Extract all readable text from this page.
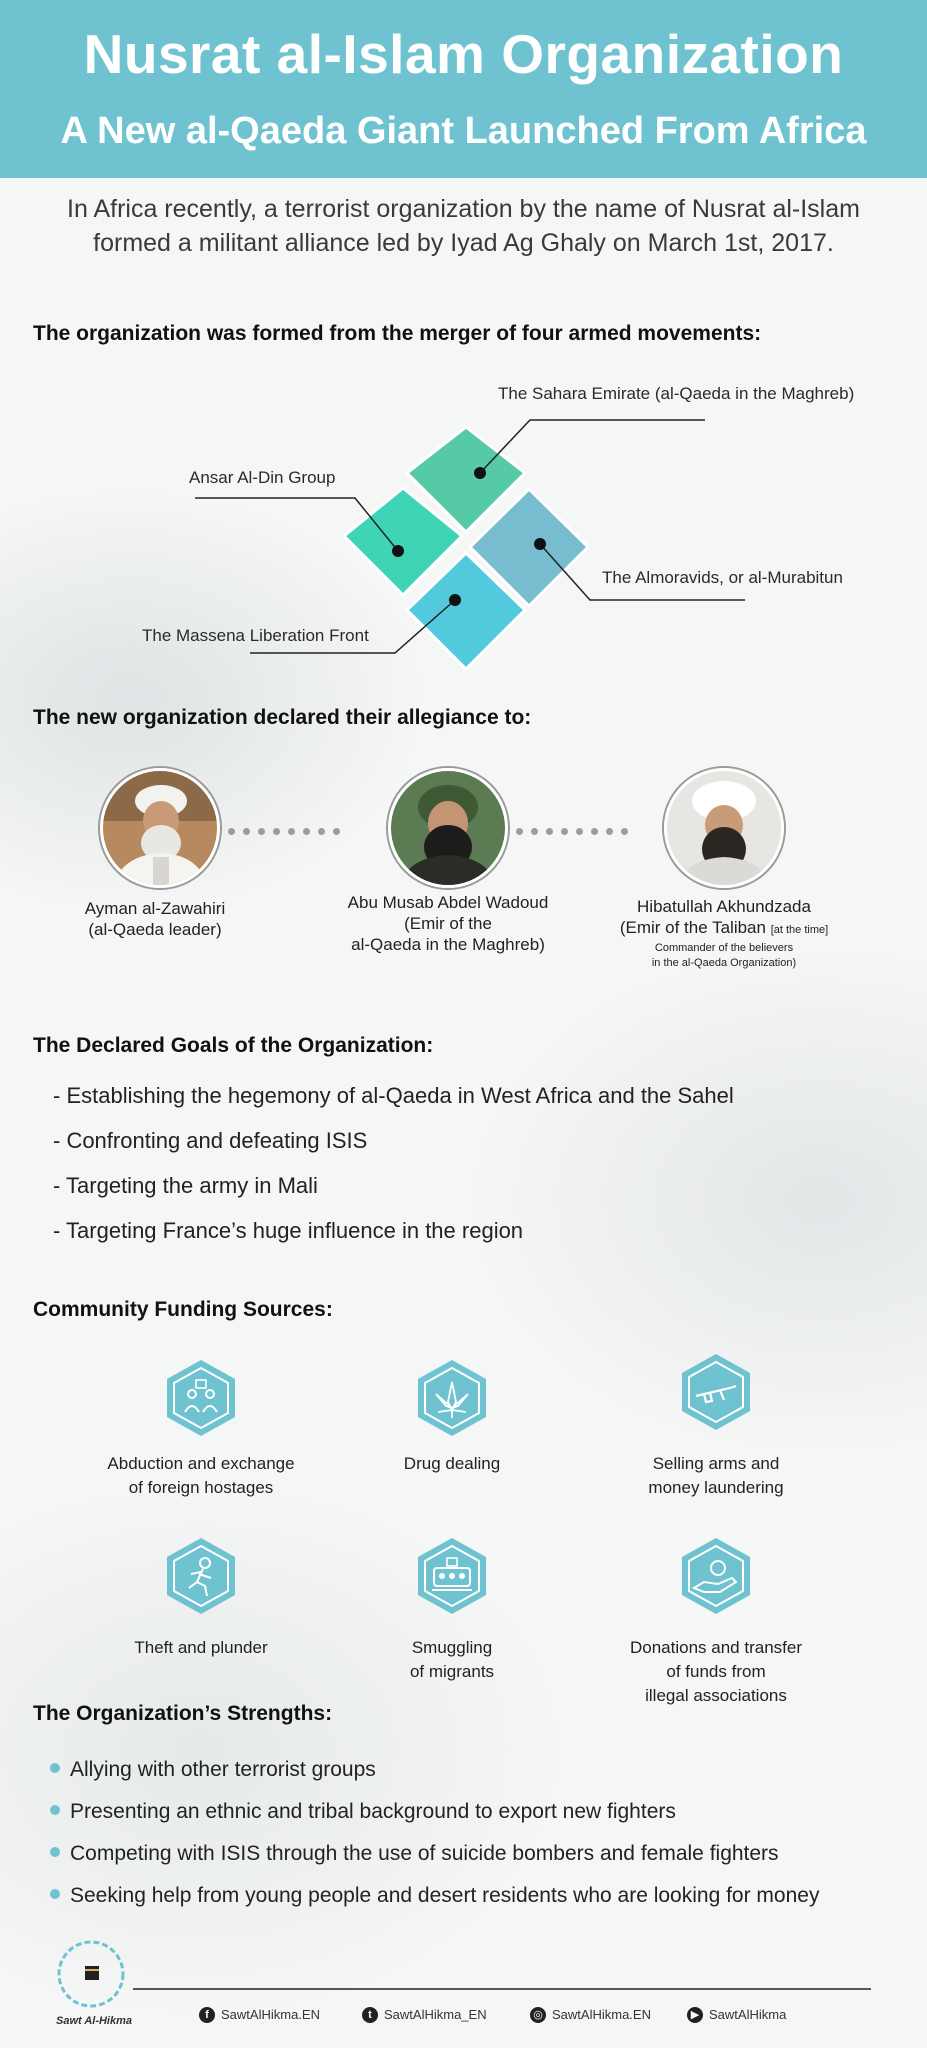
Nusrat al-Islam Organization
A New al-Qaeda Giant Launched From Africa
In Africa recently, a terrorist organization by the name of Nusrat al-Islam formed a militant alliance led by Iyad Ag Ghaly on March 1st, 2017.
The organization was formed from the merger of four armed movements:
The Sahara Emirate (al-Qaeda in the Maghreb)
Ansar Al-Din Group
The Almoravids, or al-Murabitun
The Massena Liberation Front
The new organization declared their allegiance to:
Ayman al-Zawahiri
(al-Qaeda leader)
Abu Musab Abdel Wadoud
(Emir of the
al-Qaeda in the Maghreb)
Hibatullah Akhundzada
(Emir of the Taliban [at the time]
Commander of the believers
in the al-Qaeda Organization)
The Declared Goals of the Organization:
- Establishing the hegemony of al-Qaeda in West Africa and the Sahel
- Confronting and defeating ISIS
- Targeting the army in Mali
- Targeting France’s huge influence in the region
Community Funding Sources:
Abduction and exchange
of foreign hostages
Drug dealing	Selling arms and
money laundering
Theft and plunder	Smuggling
of migrants
Donations and transfer
of funds from
illegal associations
The Organization’s Strengths:
Allying with other terrorist groups
Presenting an ethnic and tribal background to export new fighters
Competing with ISIS through the use of suicide bombers and female fighters
Seeking help from young people and desert residents who are looking for money
Sawt Al-Hikma
f SawtAlHikma.EN	t SawtAlHikma_EN	◎ SawtAlHikma.EN	▶ SawtAlHikma
